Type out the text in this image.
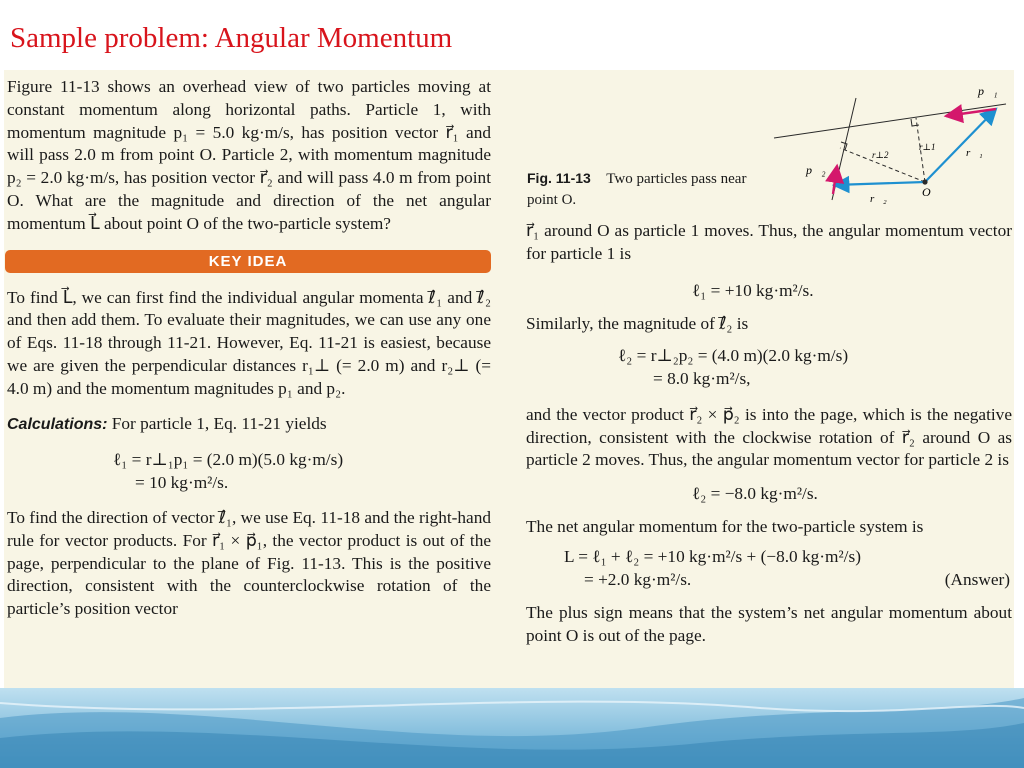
Sample problem: Angular Momentum

Figure 11-13 shows an overhead view of two particles moving at constant momentum along horizontal paths. Particle 1, with momentum magnitude p₁ = 5.0 kg·m/s, has position vector r⃗₁ and will pass 2.0 m from point O. Particle 2, with momentum magnitude p₂ = 2.0 kg·m/s, has position vector r⃗₂ and will pass 4.0 m from point O. What are the magnitude and direction of the net angular momentum L⃗ about point O of the two-particle system?

KEY IDEA

To find L⃗, we can first find the individual angular momenta ℓ⃗₁ and ℓ⃗₂ and then add them. To evaluate their magnitudes, we can use any one of Eqs. 11-18 through 11-21. However, Eq. 11-21 is easiest, because we are given the perpendicular distances r₁⊥ (= 2.0 m) and r₂⊥ (= 4.0 m) and the momentum magnitudes p₁ and p₂.

Calculations: For particle 1, Eq. 11-21 yields

ℓ₁ = r⊥₁p₁ = (2.0 m)(5.0 kg·m/s)

= 10 kg·m²/s.

To find the direction of vector ℓ⃗₁, we use Eq. 11-18 and the right-hand rule for vector products. For r⃗₁ × p⃗₁, the vector product is out of the page, perpendicular to the plane of Fig. 11-13. This is the positive direction, consistent with the counterclockwise rotation of the particle’s position vector

p⃗₁
r⊥1	r⃗₁
r⊥2
p⃗₂
O
r⃗₂
Fig. 11-13 Two particles pass near point O.

r⃗₁ around O as particle 1 moves. Thus, the angular momentum vector for particle 1 is

ℓ₁ = +10 kg·m²/s.

Similarly, the magnitude of ℓ⃗₂ is

ℓ₂ = r⊥₂p₂ = (4.0 m)(2.0 kg·m/s)

= 8.0 kg·m²/s,

and the vector product r⃗₂ × p⃗₂ is into the page, which is the negative direction, consistent with the clockwise rotation of r⃗₂ around O as particle 2 moves. Thus, the angular momentum vector for particle 2 is

ℓ₂ = −8.0 kg·m²/s.

The net angular momentum for the two-particle system is

L = ℓ₁ + ℓ₂ = +10 kg·m²/s + (−8.0 kg·m²/s)

= +2.0 kg·m²/s.	(Answer)

The plus sign means that the system’s net angular momentum about point O is out of the page.
